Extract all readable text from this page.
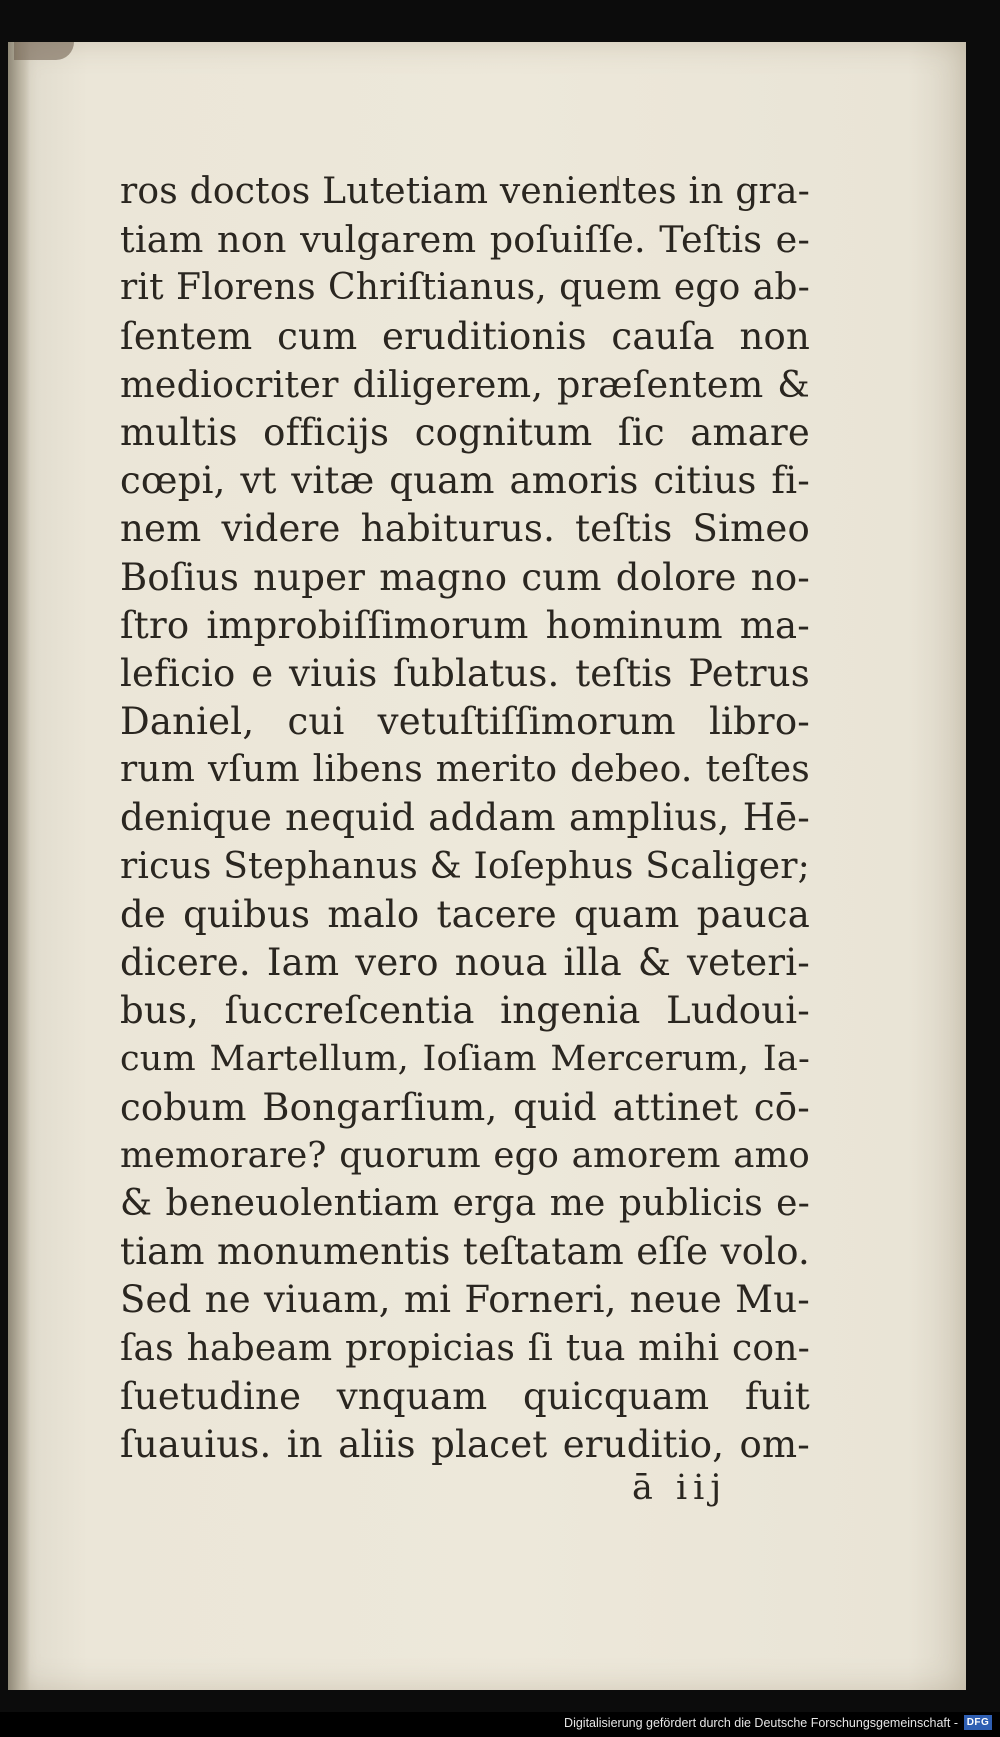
ros doctos Lutetiam venientes in gra-
tiam non vulgarem poſuiſſe. Teſtis e-
rit Florens Chriſtianus, quem ego ab-
ſentem cum eruditionis cauſa non
mediocriter diligerem, præſentem &
multis officijs cognitum ſic amare
cœpi, vt vitæ quam amoris citius fi-
nem videre habiturus. teſtis Simeo
Boſius nuper magno cum dolore no-
ſtro improbiſſimorum hominum ma-
leficio e viuis ſublatus. teſtis Petrus
Daniel, cui vetuſtiſſimorum libro-
rum vſum libens merito debeo. teſtes
denique nequid addam amplius, Hē-
ricus Stephanus & Ioſephus Scaliger;
de quibus malo tacere quam pauca
dicere. Iam vero noua illa & veteri-
bus, ſuccreſcentia ingenia Ludoui-
cum Martellum, Ioſiam Mercerum, Ia-
cobum Bongarſium, quid attinet cō-
memorare? quorum ego amorem amo
& beneuolentiam erga me publicis e-
tiam monumentis teſtatam eſſe volo.
Sed ne viuam, mi Forneri, neue Mu-
ſas habeam propicias ſi tua mihi con-
ſuetudine vnquam quicquam fuit
ſuauius. in aliis placet eruditio, om-
ā iij
Digitalisierung gefördert durch die Deutsche Forschungsgemeinschaft - DFG
